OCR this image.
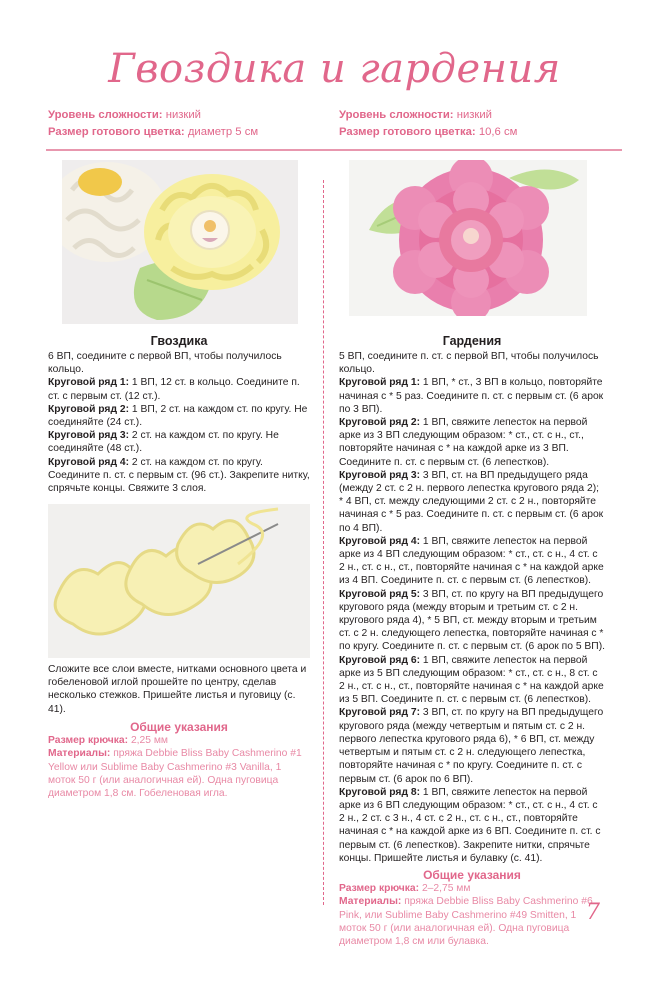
Гвоздика и гардения
Уровень сложности: низкий
Размер готового цветка: диаметр 5 см
Уровень сложности: низкий
Размер готового цветка: 10,6 см

Гвоздика

6 ВП, соедините с первой ВП, чтобы получилось кольцо.

Круговой ряд 1: 1 ВП, 12 ст. в кольцо. Соедините п. ст. с первым ст. (12 ст.).

Круговой ряд 2: 1 ВП, 2 ст. на каждом ст. по кругу. Не соединяйте (24 ст.).

Круговой ряд 3: 2 ст. на каждом ст. по кругу. Не соединяйте (48 ст.).

Круговой ряд 4: 2 ст. на каждом ст. по кругу. Соедините п. ст. с первым ст. (96 ст.). Закрепите нитку, спрячьте концы. Свяжите 3 слоя.

Сложите все слои вместе, нитками основного цвета и гобеленовой иглой прошейте по центру, сделав несколько стежков. Пришейте листья и пуговицу (с. 41).

Общие указания

Размер крючка: 2,25 мм

Материалы: пряжа Debbie Bliss Baby Cashmerino #1 Yellow или Sublime Baby Cashmerino #3 Vanilla, 1 моток 50 г (или аналогичная ей). Одна пуговица диаметром 1,8 см. Гобеленовая игла.

Гардения

5 ВП, соедините п. ст. с первой ВП, чтобы получилось кольцо.

Круговой ряд 1: 1 ВП, * ст., 3 ВП в кольцо, повторяйте начиная с * 5 раз. Соедините п. ст. с первым ст. (6 арок по 3 ВП).

Круговой ряд 2: 1 ВП, свяжите лепесток на первой арке из 3 ВП следующим образом: * ст., ст. с н., ст., повторяйте начиная с * на каждой арке из 3 ВП. Соедините п. ст. с первым ст. (6 лепестков).

Круговой ряд 3: 3 ВП, ст. на ВП предыдущего ряда (между 2 ст. с 2 н. первого лепестка кругового ряда 2); * 4 ВП, ст. между следующими 2 ст. с 2 н., повторяйте начиная с * 5 раз. Соедините п. ст. с первым ст. (6 арок по 4 ВП).

Круговой ряд 4: 1 ВП, свяжите лепесток на первой арке из 4 ВП следующим образом: * ст., ст. с н., 4 ст. с 2 н., ст. с н., ст., повторяйте начиная с * на каждой арке из 4 ВП. Соедините п. ст. с первым ст. (6 лепестков).

Круговой ряд 5: 3 ВП, ст. по кругу на ВП предыдущего кругового ряда (между вторым и третьим ст. с 2 н. кругового ряда 4), * 5 ВП, ст. между вторым и третьим ст. с 2 н. следующего лепестка, повторяйте начиная с * по кругу. Соедините п. ст. с первым ст. (6 арок по 5 ВП).

Круговой ряд 6: 1 ВП, свяжите лепесток на первой арке из 5 ВП следующим образом: * ст., ст. с н., 8 ст. с 2 н., ст. с н., ст., повторяйте начиная с * на каждой арке из 5 ВП. Соедините п. ст. с первым ст. (6 лепестков).

Круговой ряд 7: 3 ВП, ст. по кругу на ВП предыдущего кругового ряда (между четвертым и пятым ст. с 2 н. первого лепестка кругового ряда 6), * 6 ВП, ст. между четвертым и пятым ст. с 2 н. следующего лепестка, повторяйте начиная с * по кругу. Соедините п. ст. с первым ст. (6 арок по 6 ВП).

Круговой ряд 8: 1 ВП, свяжите лепесток на первой арке из 6 ВП следующим образом: * ст., ст. с н., 4 ст. с 2 н., 2 ст. с 3 н., 4 ст. с 2 н., ст. с н., ст., повторяйте начиная с * на каждой арке из 6 ВП. Соедините п. ст. с первым ст. (6 лепестков). Закрепите нитки, спрячьте концы. Пришейте листья и булавку (с. 41).

Общие указания

Размер крючка: 2–2,75 мм

Материалы: пряжа Debbie Bliss Baby Cashmerino #6 Pink, или Sublime Baby Cashmerino #49 Smitten, 1 моток 50 г (или аналогичная ей). Одна пуговица диаметром 1,8 см или булавка.

7
